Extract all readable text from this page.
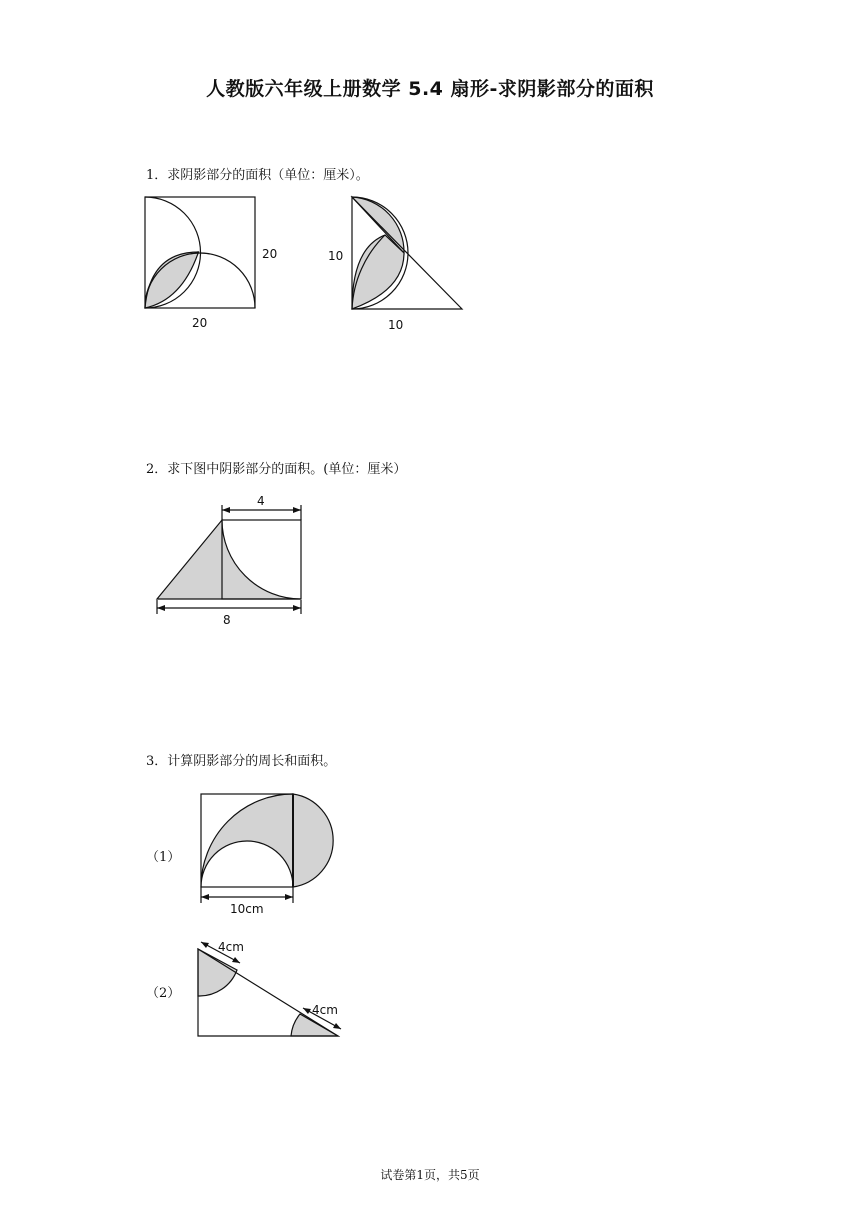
人教版六年级上册数学 5.4 扇形-求阴影部分的面积
1．求阴影部分的面积（单位：厘米）。
20
20
10
10
2．求下图中阴影部分的面积。(单位：厘米）
4
8
3．计算阴影部分的周长和面积。
（1）
10cm
（2）
4cm
4cm
试卷第1页，共5页
